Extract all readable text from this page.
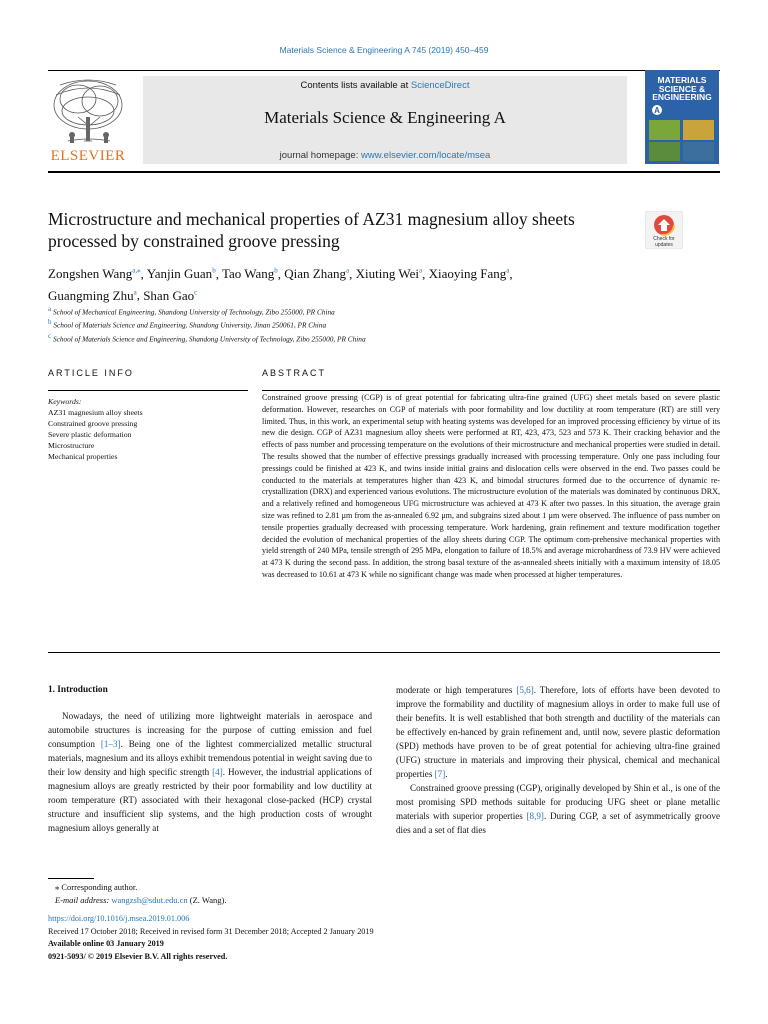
Materials Science & Engineering A 745 (2019) 450–459
ELSEVIER
Contents lists available at ScienceDirect
Materials Science & Engineering A
journal homepage: www.elsevier.com/locate/msea
MATERIALS
SCIENCE &
ENGINEERING
A
Microstructure and mechanical properties of AZ31 magnesium alloy sheets
processed by constrained groove pressing	Check for
updates
Zongshen Wang$^{a,⁎}$, Yanjin Guan$^b$, Tao Wang$^b$, Qian Zhang$^a$, Xiuting Wei$^a$, Xiaoying Fang$^a$,
Guangming Zhu$^a$, Shan Gao$^c$
$^a$ School of Mechanical Engineering, Shandong University of Technology, Zibo 255000, PR China
$^b$ School of Materials Science and Engineering, Shandong University, Jinan 250061, PR China
$^c$ School of Materials Science and Engineering, Shandong University of Technology, Zibo 255000, PR China
ARTICLE INFO	ABSTRACT
Keywords:
AZ31 magnesium alloy sheets
Constrained groove pressing
Severe plastic deformation
Microstructure
Mechanical properties
Constrained groove pressing (CGP) is of great potential for fabricating ultra-fine grained (UFG) sheet metals based on severe plastic deformation. However, researches on CGP of materials with poor formability and low ductility at room temperature (RT) are still very limited. Thus, in this work, an experimental setup with heating systems was developed for an improved processing efficiency by virtue of its new die design. CGP of AZ31 magnesium alloy sheets were performed at RT, 423, 473, 523 and 573 K. Their cracking behavior and the effects of pass number and processing temperature on the evolutions of their microstructure and mechanical properties were studied in detail. The results showed that the number of effective pressings gradually increased with processing temperature. Only one pass including four pressings could be finished at 423 K, and twins inside initial grains and dislocation cells were observed in the end. Two passes could be conducted to the materials at temperatures higher than 423 K, and bimodal structures formed due to the occurrence of dynamic re-crystallization (DRX) and experienced various evolutions. The microstructure evolution of the materials was dominated by continuous DRX, and a relatively refined and homogeneous UFG microstructure was achieved at 473 K after two passes. In this situation, the average grain size was refined to 2.81 μm from the as-annealed 6.92 μm, and subgrains sized about 1 μm were observed. The influence of pass number on tensile properties gradually decreased with processing temperature. Work hardening, grain refinement and texture modification together decided the evolution of mechanical properties of the alloy sheets during CGP. The optimum com-prehensive mechanical properties with yield strength of 240 MPa, tensile strength of 295 MPa, elongation to failure of 18.5% and average microhardness of 73.9 HV were achieved at 473 K during the second pass. In addition, the strong basal texture of the as-annealed sheets initially with a maximum intensity of 18.05 was decreased to 10.61 at 473 K while no significant change was made when processed at higher temperatures.

1. Introduction

Nowadays, the need of utilizing more lightweight materials in aerospace and automobile structures is increasing for the purpose of cutting emission and fuel consumption [1–3]. Being one of the lightest commercialized metallic structural materials, magnesium and its alloys exhibit tremendous potential in weight saving due to their low density and high specific strength [4]. However, the industrial applications of magnesium alloys are greatly restricted by their poor formability and low ductility at room temperature (RT) associated with their hexagonal close-packed (HCP) crystal structure and insufficient slip systems, and the high production costs of wrought magnesium alloys generally at

moderate or high temperatures [5,6]. Therefore, lots of efforts have been devoted to improve the formability and ductility of magnesium alloys in order to make full use of their benefits. It is well established that both strength and ductility of the materials can be effectively en-hanced by grain refinement and, until now, severe plastic deformation (SPD) methods have proven to be of great potential for achieving ultra-fine grained (UFG) structure in materials and improving their physical, chemical and mechanical properties [7].

Constrained groove pressing (CGP), originally developed by Shin et al., is one of the most promising SPD methods suitable for producing UFG sheet or plane metallic materials with superior properties [8,9]. During CGP, a set of asymmetrically groove dies and a set of flat dies

⁎ Corresponding author.
E-mail address: wangzsh@sdut.edu.cn (Z. Wang).
https://doi.org/10.1016/j.msea.2019.01.006
Received 17 October 2018; Received in revised form 31 December 2018; Accepted 2 January 2019
Available online 03 January 2019
0921-5093/ © 2019 Elsevier B.V. All rights reserved.
